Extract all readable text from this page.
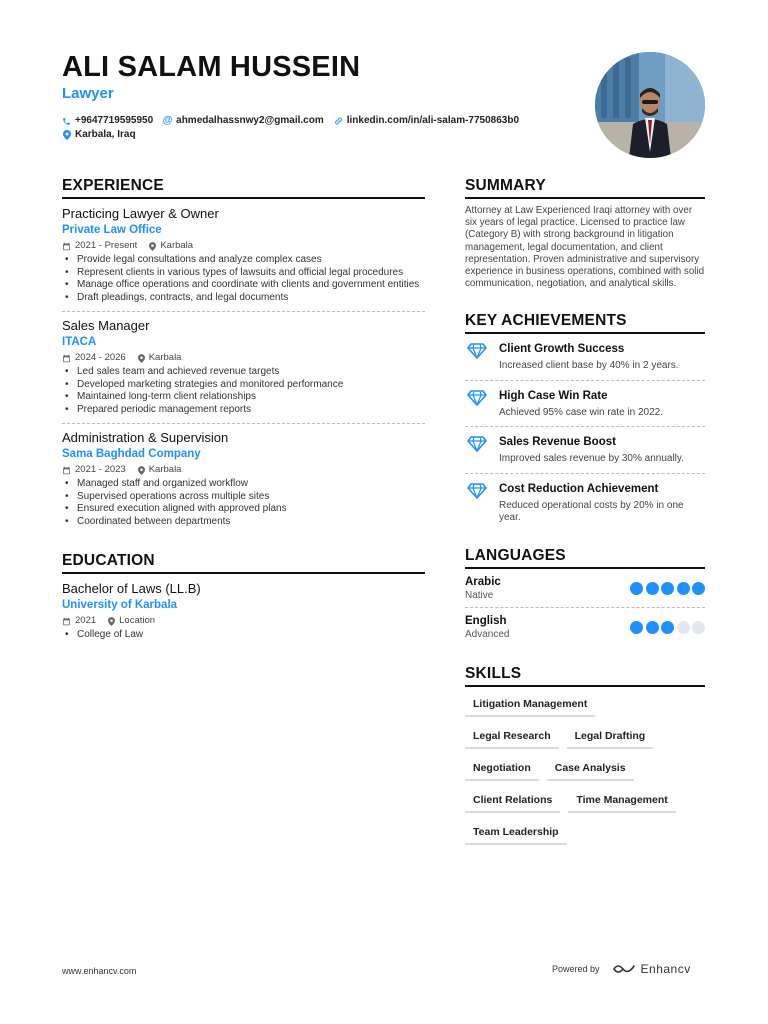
ALI SALAM HUSSEIN
Lawyer
+9647719595950 @ ahmedalhassnwy2@gmail.com linkedin.com/in/ali-salam-7750863b0
Karbala, Iraq
EXPERIENCE
Practicing Lawyer & Owner
Private Law Office
2021 - Present Karbala
• Provide legal consultations and analyze complex cases
• Represent clients in various types of lawsuits and official legal procedures
• Manage office operations and coordinate with clients and government entities
• Draft pleadings, contracts, and legal documents
Sales Manager
ITACA
2024 - 2026 Karbala
• Led sales team and achieved revenue targets
• Developed marketing strategies and monitored performance
• Maintained long-term client relationships
• Prepared periodic management reports
Administration & Supervision
Sama Baghdad Company
2021 - 2023 Karbala
• Managed staff and organized workflow
• Supervised operations across multiple sites
• Ensured execution aligned with approved plans
• Coordinated between departments
EDUCATION
Bachelor of Laws (LL.B)
University of Karbala
2021 Location
• College of Law
SUMMARY
Attorney at Law Experienced Iraqi attorney with over six years of legal practice. Licensed to practice law (Category B) with strong background in litigation management, legal documentation, and client representation. Proven administrative and supervisory experience in business operations, combined with solid communication, negotiation, and analytical skills.
KEY ACHIEVEMENTS
Client Growth Success
Increased client base by 40% in 2 years.
High Case Win Rate
Achieved 95% case win rate in 2022.
Sales Revenue Boost
Improved sales revenue by 30% annually.
Cost Reduction Achievement
Reduced operational costs by 20% in one year.
LANGUAGES
Arabic
Native
English
Advanced
SKILLS
Litigation Management
Legal Research	Legal Drafting
Negotiation	Case Analysis
Client Relations	Time Management
Team Leadership
www.enhancv.com	Powered by	Enhancv
